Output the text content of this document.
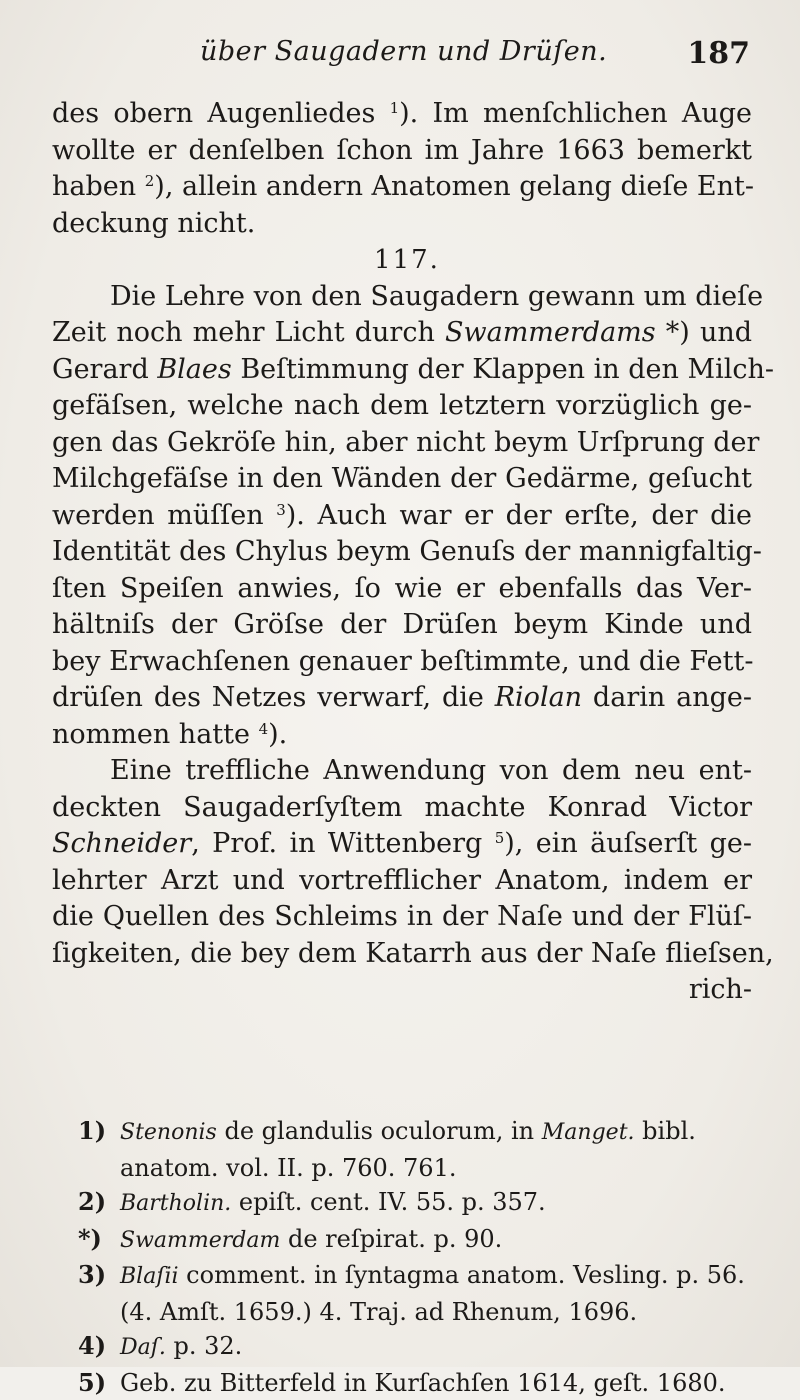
über Saugadern und Drüſen.	187
des obern Augenliedes $^1$). Im menſchlichen Auge
wollte er denſelben ſchon im Jahre 1663 bemerkt
haben $^2$), allein andern Anatomen gelang dieſe Ent-
deckung nicht.
117.
Die Lehre von den Saugadern gewann um dieſe
Zeit noch mehr Licht durch Swammerdams *) und
Gerard Blaes Beſtimmung der Klappen in den Milch-
gefäſsen, welche nach dem letztern vorzüglich ge-
gen das Gekröſe hin, aber nicht beym Urſprung der
Milchgefäſse in den Wänden der Gedärme, geſucht
werden müſſen $^3$). Auch war er der erſte, der die
Identität des Chylus beym Genuſs der mannigfaltig-
ſten Speiſen anwies, ſo wie er ebenfalls das Ver-
hältniſs der Gröſse der Drüſen beym Kinde und
bey Erwachſenen genauer beſtimmte, und die Fett-
drüſen des Netzes verwarf, die Riolan darin ange-
nommen hatte $^4$).
Eine treffliche Anwendung von dem neu ent-
deckten Saugaderſyſtem machte Konrad Victor
Schneider, Prof. in Wittenberg $^5$), ein äuſserſt ge-
lehrter Arzt und vortrefflicher Anatom, indem er
die Quellen des Schleims in der Naſe und der Flüſ-
ſigkeiten, die bey dem Katarrh aus der Naſe flieſsen,
rich-
1) Stenonis de glandulis oculorum, in Manget. bibl.
anatom. vol. II. p. 760. 761.
2) Bartholin. epiſt. cent. IV. 55. p. 357.
*) Swammerdam de reſpirat. p. 90.
3) Blaſii comment. in ſyntagma anatom. Vesling. p. 56.
(4. Amſt. 1659.) 4. Traj. ad Rhenum, 1696.
4) Daſ. p. 32.
5) Geb. zu Bitterfeld in Kurſachſen 1614, geſt. 1680.
